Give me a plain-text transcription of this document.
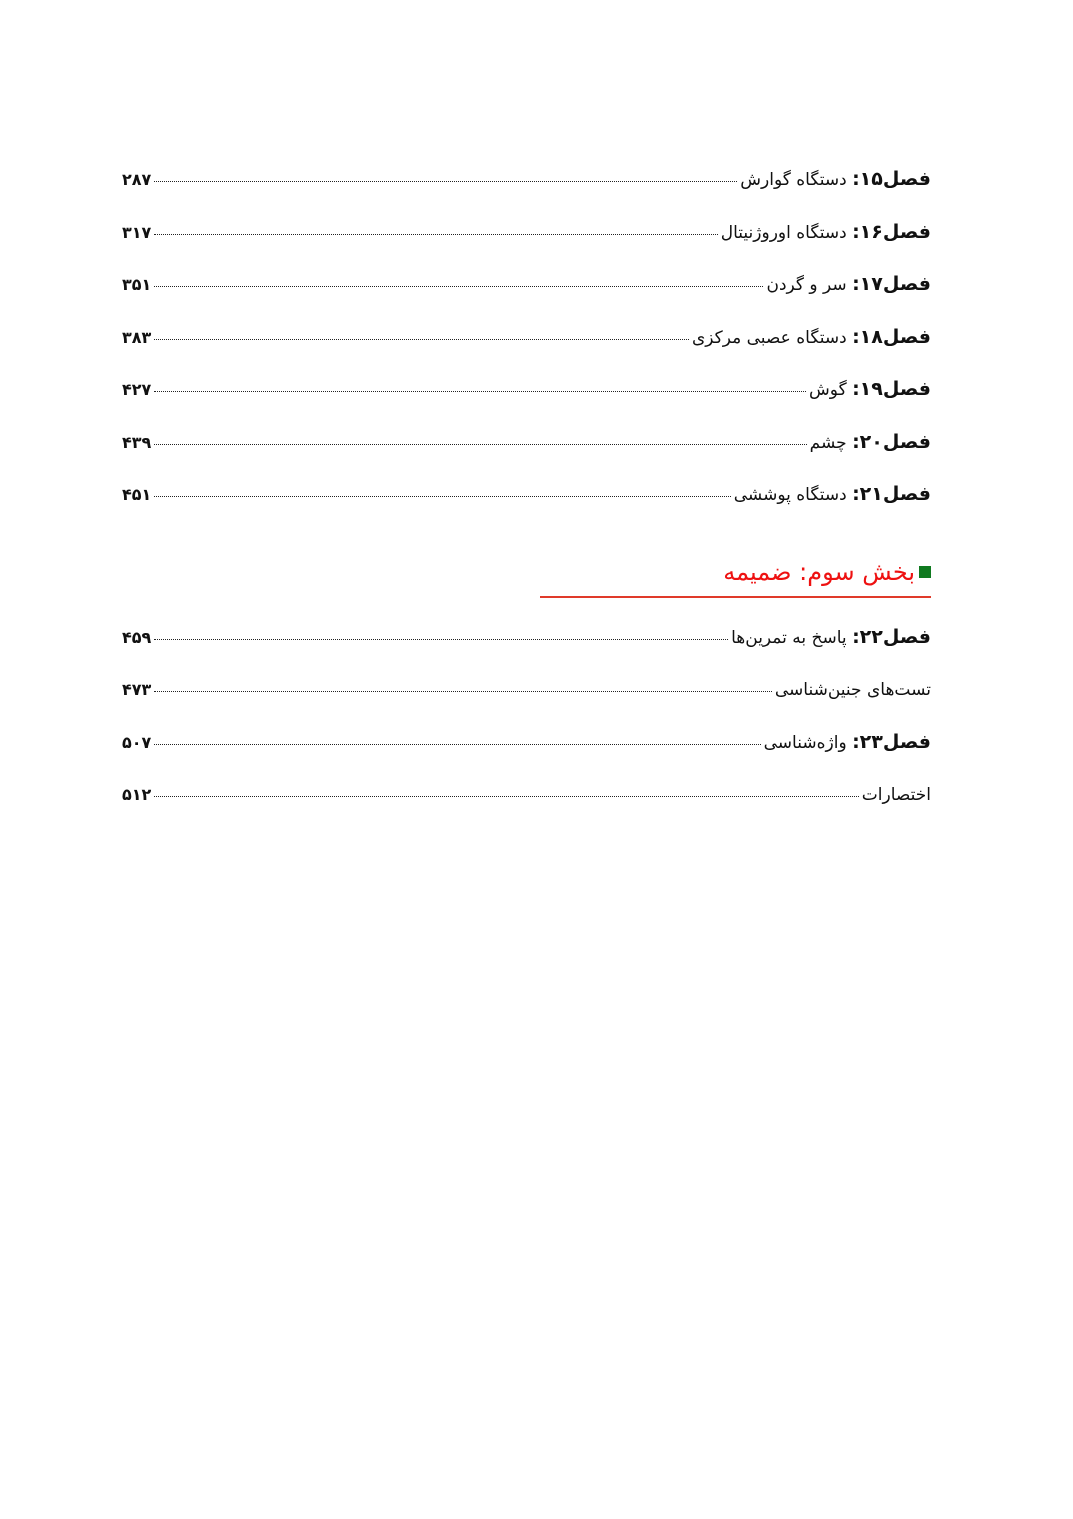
فصل۱۵: دستگاه گوارش
۲۸۷
فصل۱۶: دستگاه اوروژنیتال
۳۱۷
فصل۱۷: سر و گردن
۳۵۱
فصل۱۸: دستگاه عصبی مرکزی
۳۸۳
فصل۱۹: گوش
۴۲۷
فصل۲۰: چشم
۴۳۹
فصل۲۱: دستگاه پوششی
۴۵۱
بخش سوم: ضمیمه
فصل۲۲: پاسخ به تمرین‌ها
۴۵۹
تست‌های جنین‌شناسی
۴۷۳
فصل۲۳: واژه‌شناسی
۵۰۷
اختصارات
۵۱۲
